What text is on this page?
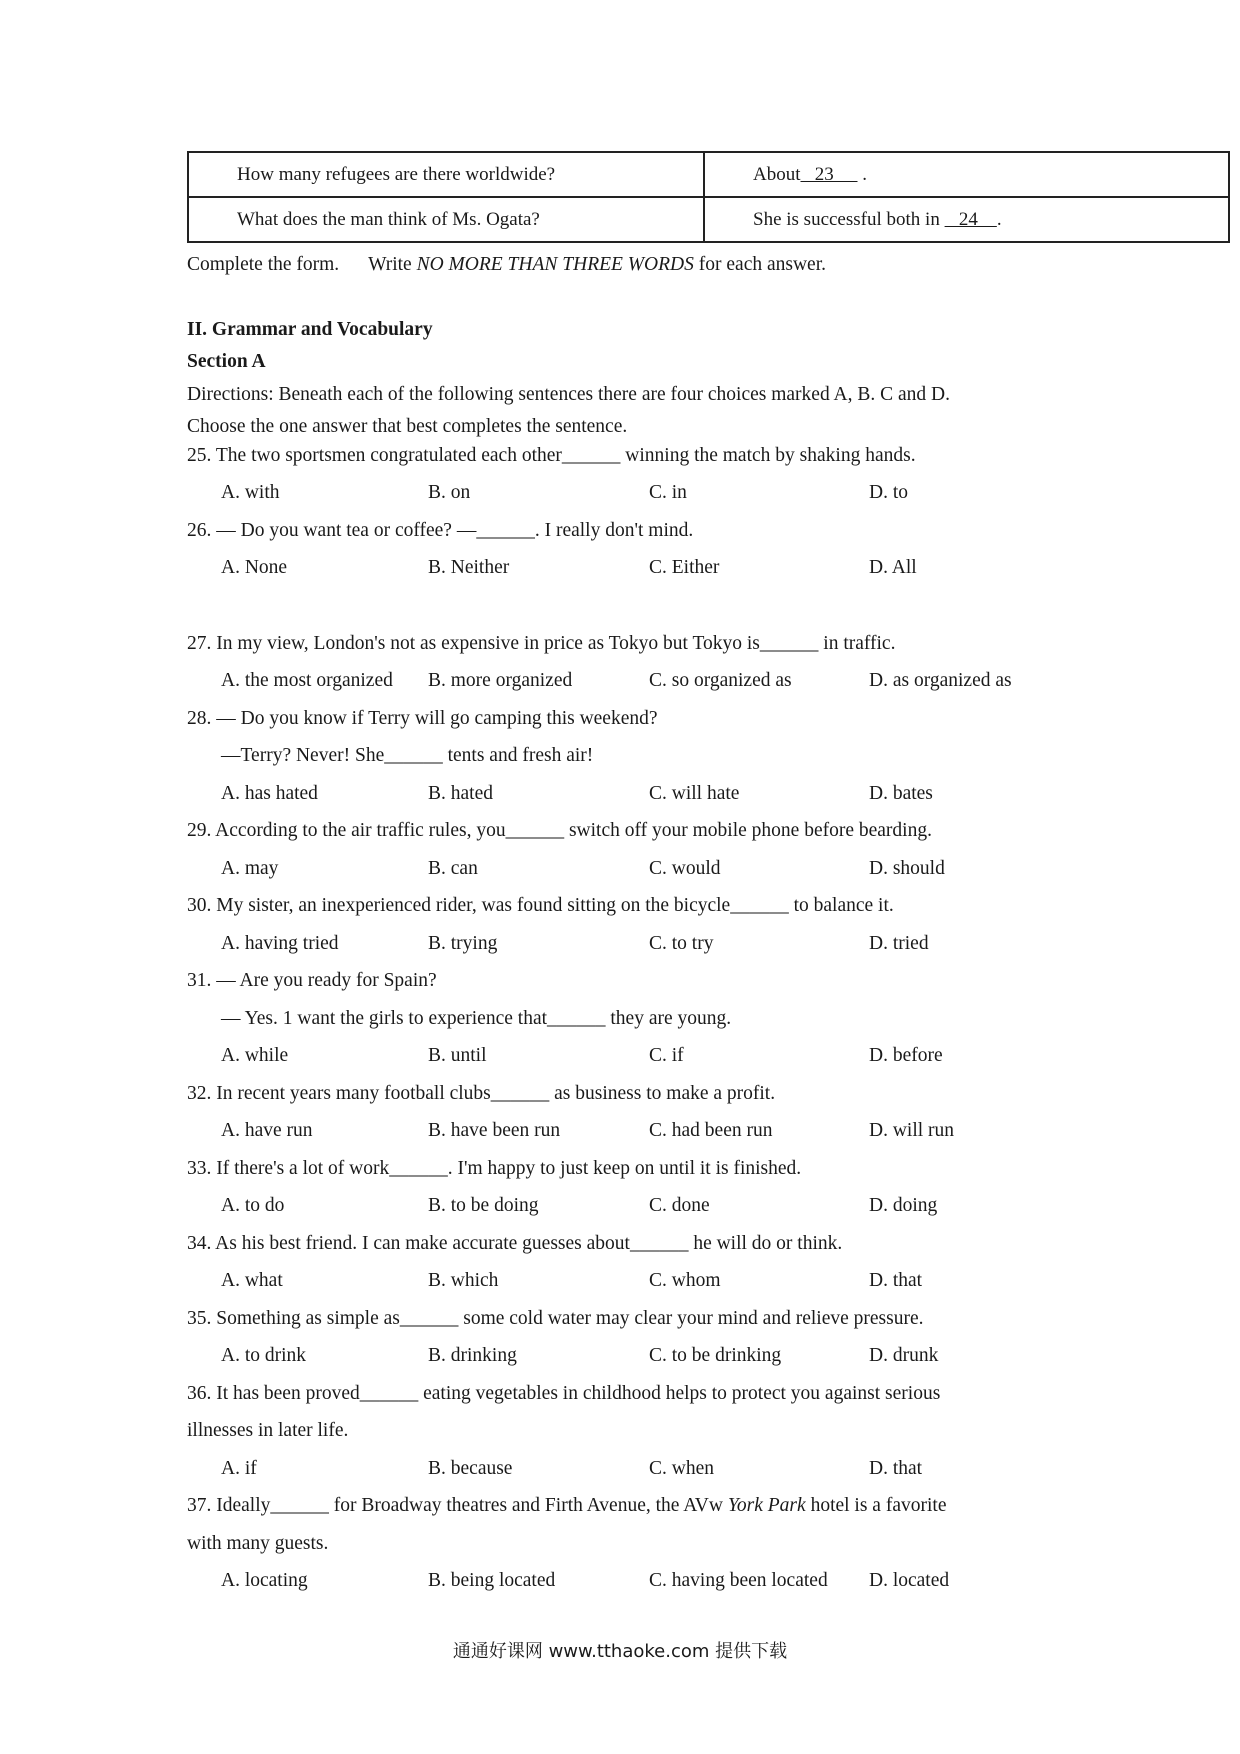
How many refugees are there worldwide?	About   23      .
What does the man think of Ms. Ogata?	She is successful both in    24    .
Complete the form.      Write NO MORE THAN THREE WORDS for each answer.
II. Grammar and Vocabulary
Section A
Directions: Beneath each of the following sentences there are four choices marked A, B. C and D.
Choose the one answer that best completes the sentence.
25. The two sportsmen congratulated each other______ winning the match by shaking hands.
A. with	B. on	C. in	D. to
26. — Do you want tea or coffee? —______. I really don't mind.
A. None	B. Neither	C. Either	D. All
27. In my view, London's not as expensive in price as Tokyo but Tokyo is______ in traffic.
A. the most organized B. more organized	C. so organized as	D. as organized as
28. — Do you know if Terry will go camping this weekend?
—Terry? Never! She______ tents and fresh air!
A. has hated	B. hated	C. will hate	D. bates
29. According to the air traffic rules, you______ switch off your mobile phone before bearding.
A. may	B. can	C. would	D. should
30. My sister, an inexperienced rider, was found sitting on the bicycle______ to balance it.
A. having tried	B. trying	C. to try	D. tried
31. — Are you ready for Spain?
— Yes. 1 want the girls to experience that______ they are young.
A. while	B. until	C. if	D. before
32. In recent years many football clubs______ as business to make a profit.
A. have run	B. have been run	C. had been run	D. will run
33. If there's a lot of work______. I'm happy to just keep on until it is finished.
A. to do	B. to be doing	C. done	D. doing
34. As his best friend. I can make accurate guesses about______ he will do or think.
A. what	B. which	C. whom	D. that
35. Something as simple as______ some cold water may clear your mind and relieve pressure.
A. to drink	B. drinking	C. to be drinking	D. drunk
36. It has been proved______ eating vegetables in childhood helps to protect you against serious
illnesses in later life.
A. if	B. because	C. when	D. that
37. Ideally______ for Broadway theatres and Firth Avenue, the AVw York Park hotel is a favorite
with many guests.
A. locating	B. being located	C. having been located D. located
通通好课网 www.tthaoke.com 提供下载
